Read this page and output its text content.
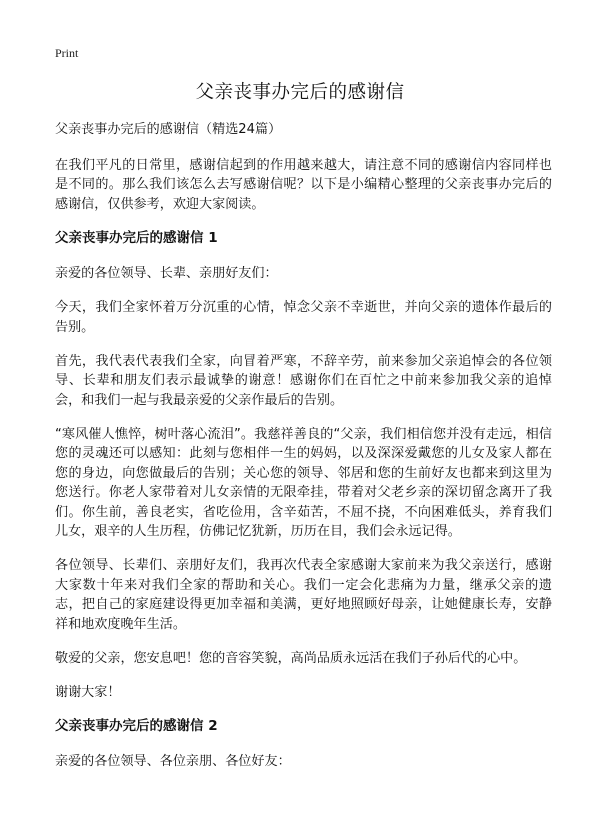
Print
父亲丧事办完后的感谢信

父亲丧事办完后的感谢信（精选24篇）

在我们平凡的日常里，感谢信起到的作用越来越大，请注意不同的感谢信内容同样也是不同的。那么我们该怎么去写感谢信呢？以下是小编精心整理的父亲丧事办完后的感谢信，仅供参考，欢迎大家阅读。

父亲丧事办完后的感谢信 1

亲爱的各位领导、长辈、亲朋好友们：

今天，我们全家怀着万分沉重的心情，悼念父亲不幸逝世，并向父亲的遗体作最后的告别。

首先，我代表代表我们全家，向冒着严寒，不辞辛劳，前来参加父亲追悼会的各位领导、长辈和朋友们表示最诚挚的谢意！感谢你们在百忙之中前来参加我父亲的追悼会，和我们一起与我最亲爱的父亲作最后的告别。

“寒风催人憔悴，树叶落心流泪”。我慈祥善良的“父亲，我们相信您并没有走远，相信您的灵魂还可以感知：此刻与您相伴一生的妈妈，以及深深爱戴您的儿女及家人都在您的身边，向您做最后的告别；关心您的领导、邻居和您的生前好友也都来到这里为您送行。你老人家带着对儿女亲情的无限牵挂，带着对父老乡亲的深切留念离开了我们。你生前，善良老实，省吃俭用，含辛茹苦，不屈不挠，不向困难低头，养育我们儿女，艰辛的人生历程，仿佛记忆犹新，历历在目，我们会永远记得。

各位领导、长辈们、亲朋好友们，我再次代表全家感谢大家前来为我父亲送行，感谢大家数十年来对我们全家的帮助和关心。我们一定会化悲痛为力量，继承父亲的遗志，把自己的家庭建设得更加幸福和美满，更好地照顾好母亲，让她健康长寿，安静祥和地欢度晚年生活。

敬爱的父亲，您安息吧！您的音容笑貌，高尚品质永远活在我们子孙后代的心中。

谢谢大家！

父亲丧事办完后的感谢信 2

亲爱的各位领导、各位亲朋、各位好友：
